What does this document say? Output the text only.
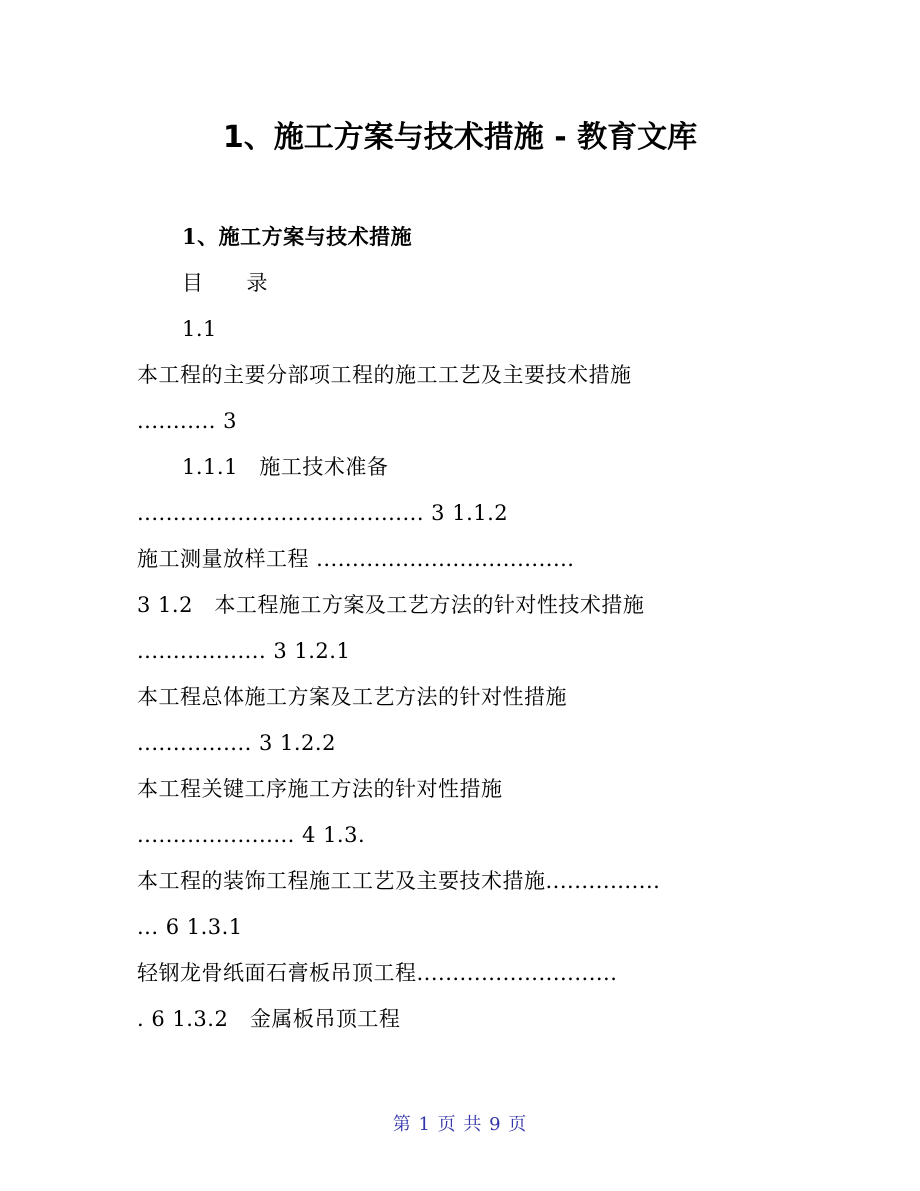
1、施工方案与技术措施 - 教育文库
1、施工方案与技术措施
目　　录
1.1
本工程的主要分部项工程的施工工艺及主要技术措施
........... 3
1.1.1　施工技术准备
........................................ 3 1.1.2
施工测量放样工程 ....................................
3 1.2　本工程施工方案及工艺方法的针对性技术措施
.................. 3 1.2.1
本工程总体施工方案及工艺方法的针对性措施
................ 3 1.2.2
本工程关键工序施工方法的针对性措施
...................... 4 1.3.
本工程的装饰工程施工工艺及主要技术措施................
... 6 1.3.1
轻钢龙骨纸面石膏板吊顶工程............................
. 6 1.3.2　金属板吊顶工程
第 1 页 共 9 页
